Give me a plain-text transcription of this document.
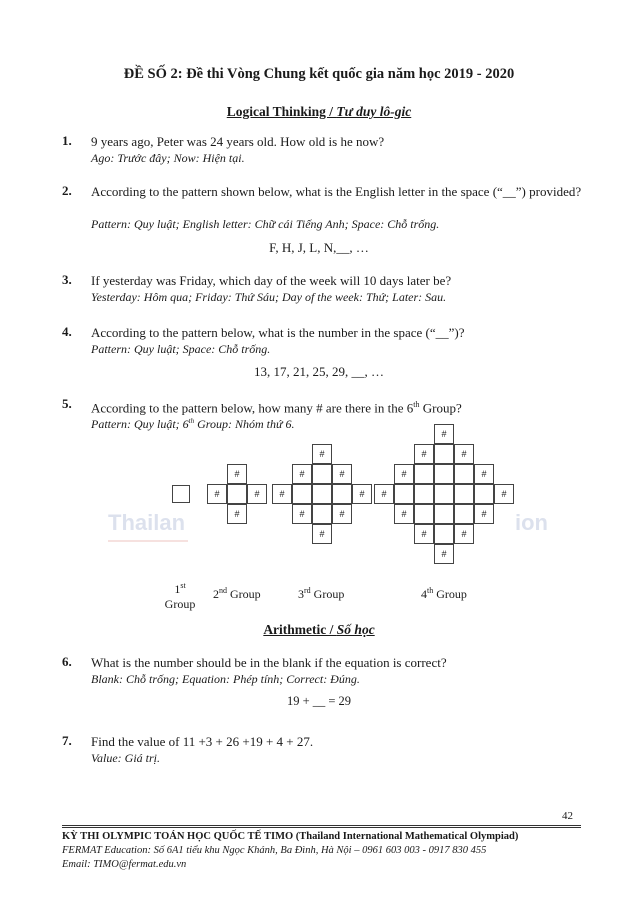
Thailan	ion
ĐỀ SỐ 2: Đề thi Vòng Chung kết quốc gia năm học 2019 - 2020
Logical Thinking / Tư duy lô-gic
1. 9 years ago, Peter was 24 years old. How old is he now?
Ago: Trước đây; Now: Hiện tại.
2. According to the pattern shown below, what is the English letter in the space (“__”) provided?
Pattern: Quy luật; English letter: Chữ cái Tiếng Anh; Space: Chỗ trống.
F, H, J, L, N,__, …
3. If yesterday was Friday, which day of the week will 10 days later be?
Yesterday: Hôm qua; Friday: Thứ Sáu; Day of the week: Thứ; Later: Sau.
4. According to the pattern below, what is the number in the space (“__”)?
Pattern: Quy luật; Space: Chỗ trống.
13, 17, 21, 25, 29, __, …
5. According to the pattern below, how many # are there in the 6th Group?
Pattern: Quy luật; 6th Group: Nhóm thứ 6.
#
#	#
#
#
#	#
#	#
#	#
#
#
#	#
#	#
#	#
#	#
#	#
#
1st
Group
2nd Group	3rd Group	4th Group
Arithmetic / Số học
6. What is the number should be in the blank if the equation is correct?
Blank: Chỗ trống; Equation: Phép tính; Correct: Đúng.
19 + __ = 29
7. Find the value of 11 +3 + 26 +19 + 4 + 27.
Value: Giá trị.
42
KỲ THI OLYMPIC TOÁN HỌC QUỐC TẾ TIMO (Thailand International Mathematical Olympiad)
FERMAT Education: Số 6A1 tiểu khu Ngọc Khánh, Ba Đình, Hà Nội – 0961 603 003 - 0917 830 455
Email: TIMO@fermat.edu.vn
